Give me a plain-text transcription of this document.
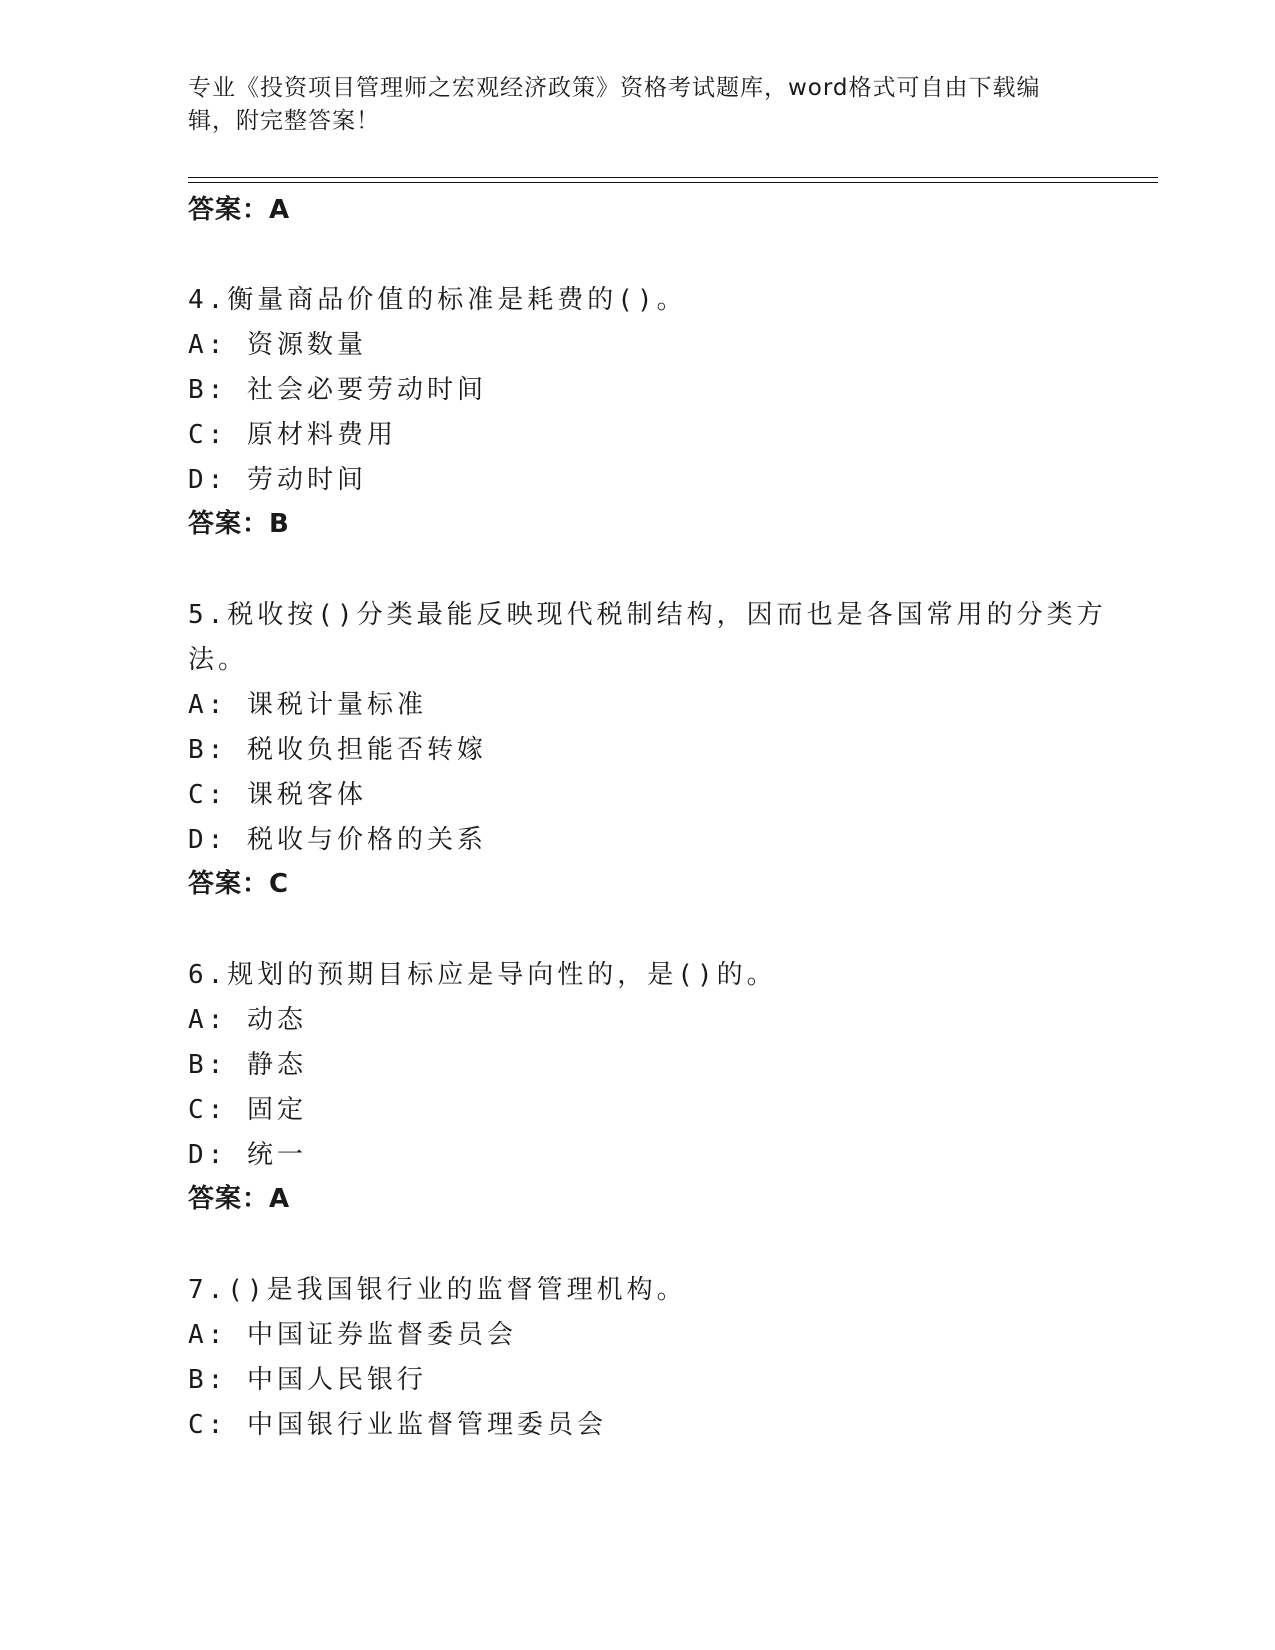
专业《投资项目管理师之宏观经济政策》资格考试题库，word格式可自由下载编
辑，附完整答案！
答案：A
4.衡量商品价值的标准是耗费的()。
A: 资源数量
B: 社会必要劳动时间
C: 原材料费用
D: 劳动时间
答案：B
5.税收按()分类最能反映现代税制结构，因而也是各国常用的分类方
法。
A: 课税计量标准
B: 税收负担能否转嫁
C: 课税客体
D: 税收与价格的关系
答案：C
6.规划的预期目标应是导向性的，是()的。
A: 动态
B: 静态
C: 固定
D: 统一
答案：A
7.()是我国银行业的监督管理机构。
A: 中国证券监督委员会
B: 中国人民银行
C: 中国银行业监督管理委员会
